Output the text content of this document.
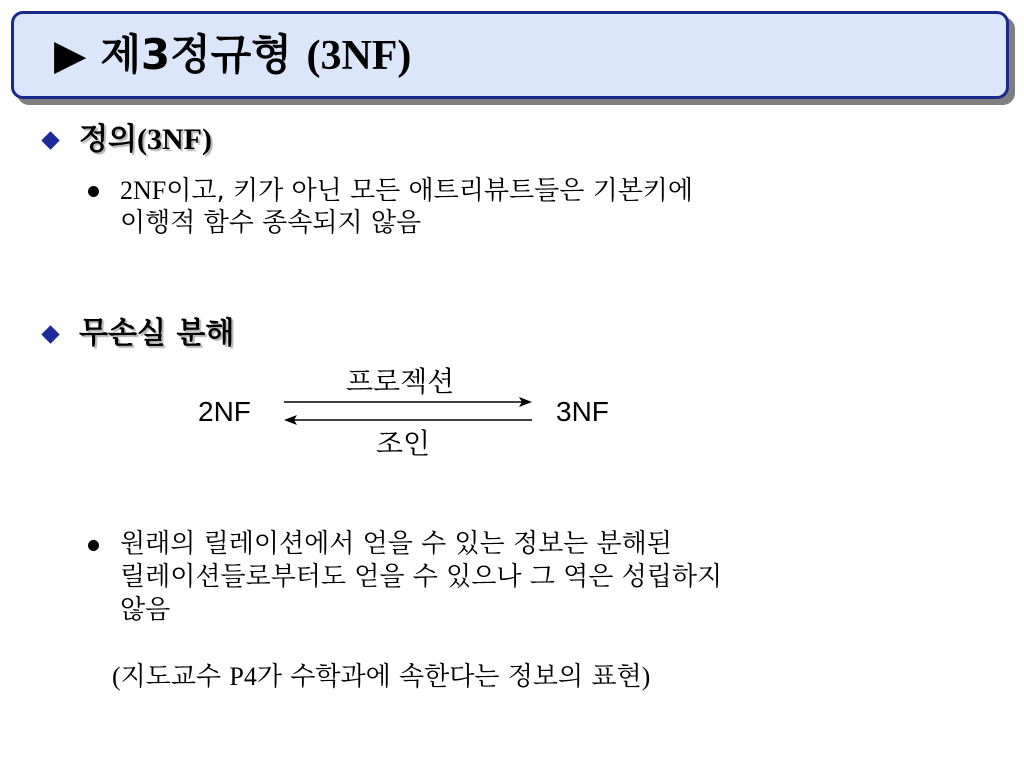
▶ 제3정규형 (3NF)
정의(3NF)
2NF이고, 키가 아닌 모든 애트리뷰트들은 기본키에
이행적 함수 종속되지 않음
무손실 분해
프로젝션
2NF	3NF
조인
원래의 릴레이션에서 얻을 수 있는 정보는 분해된
릴레이션들로부터도 얻을 수 있으나 그 역은 성립하지
않음
(지도교수 P4가 수학과에 속한다는 정보의 표현)
